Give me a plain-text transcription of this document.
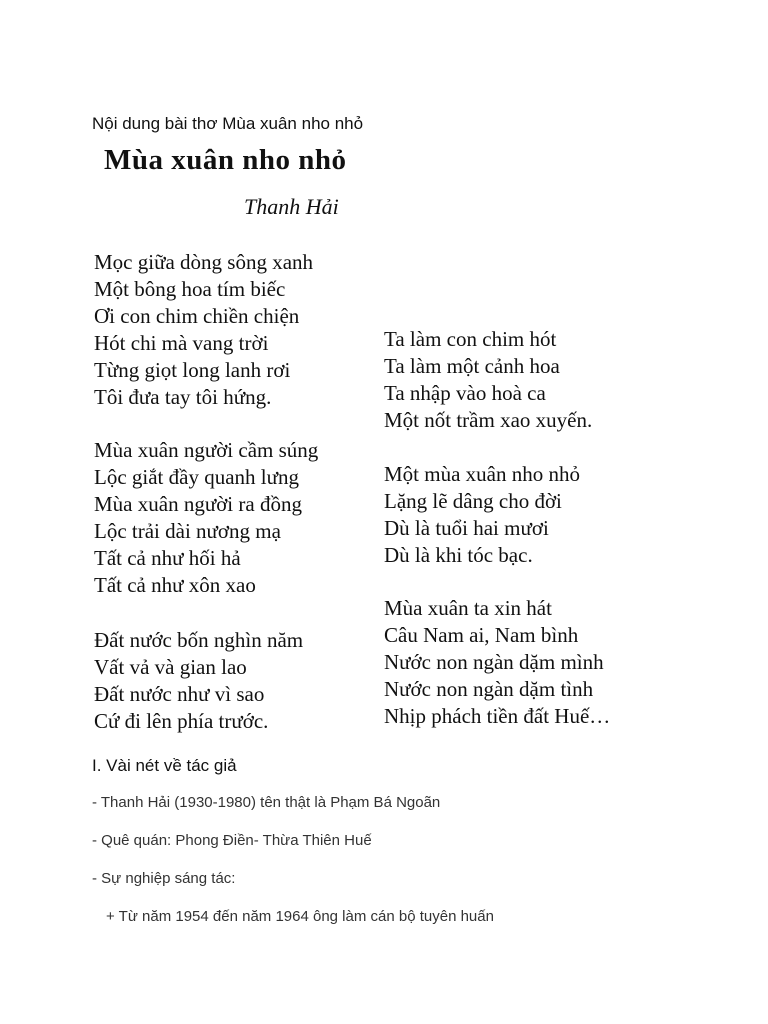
Nội dung bài thơ Mùa xuân nho nhỏ
Mùa xuân nho nhỏ
Thanh Hải
Mọc giữa dòng sông xanh
Một bông hoa tím biếc
Ơi con chim chiền chiện
Hót chi mà vang trời
Từng giọt long lanh rơi
Tôi đưa tay tôi hứng.
Mùa xuân người cầm súng
Lộc giắt đầy quanh lưng
Mùa xuân người ra đồng
Lộc trải dài nương mạ
Tất cả như hối hả
Tất cả như xôn xao
Đất nước bốn nghìn năm
Vất vả và gian lao
Đất nước như vì sao
Cứ đi lên phía trước.
Ta làm con chim hót
Ta làm một cảnh hoa
Ta nhập vào hoà ca
Một nốt trầm xao xuyến.
Một mùa xuân nho nhỏ
Lặng lẽ dâng cho đời
Dù là tuổi hai mươi
Dù là khi tóc bạc.
Mùa xuân ta xin hát
Câu Nam ai, Nam bình
Nước non ngàn dặm mình
Nước non ngàn dặm tình
Nhịp phách tiền đất Huế…
I. Vài nét về tác giả
- Thanh Hải (1930-1980) tên thật là Phạm Bá Ngoãn
- Quê quán: Phong Điền- Thừa Thiên Huế
- Sự nghiệp sáng tác:
+ Từ năm 1954 đến năm 1964 ông làm cán bộ tuyên huấn
